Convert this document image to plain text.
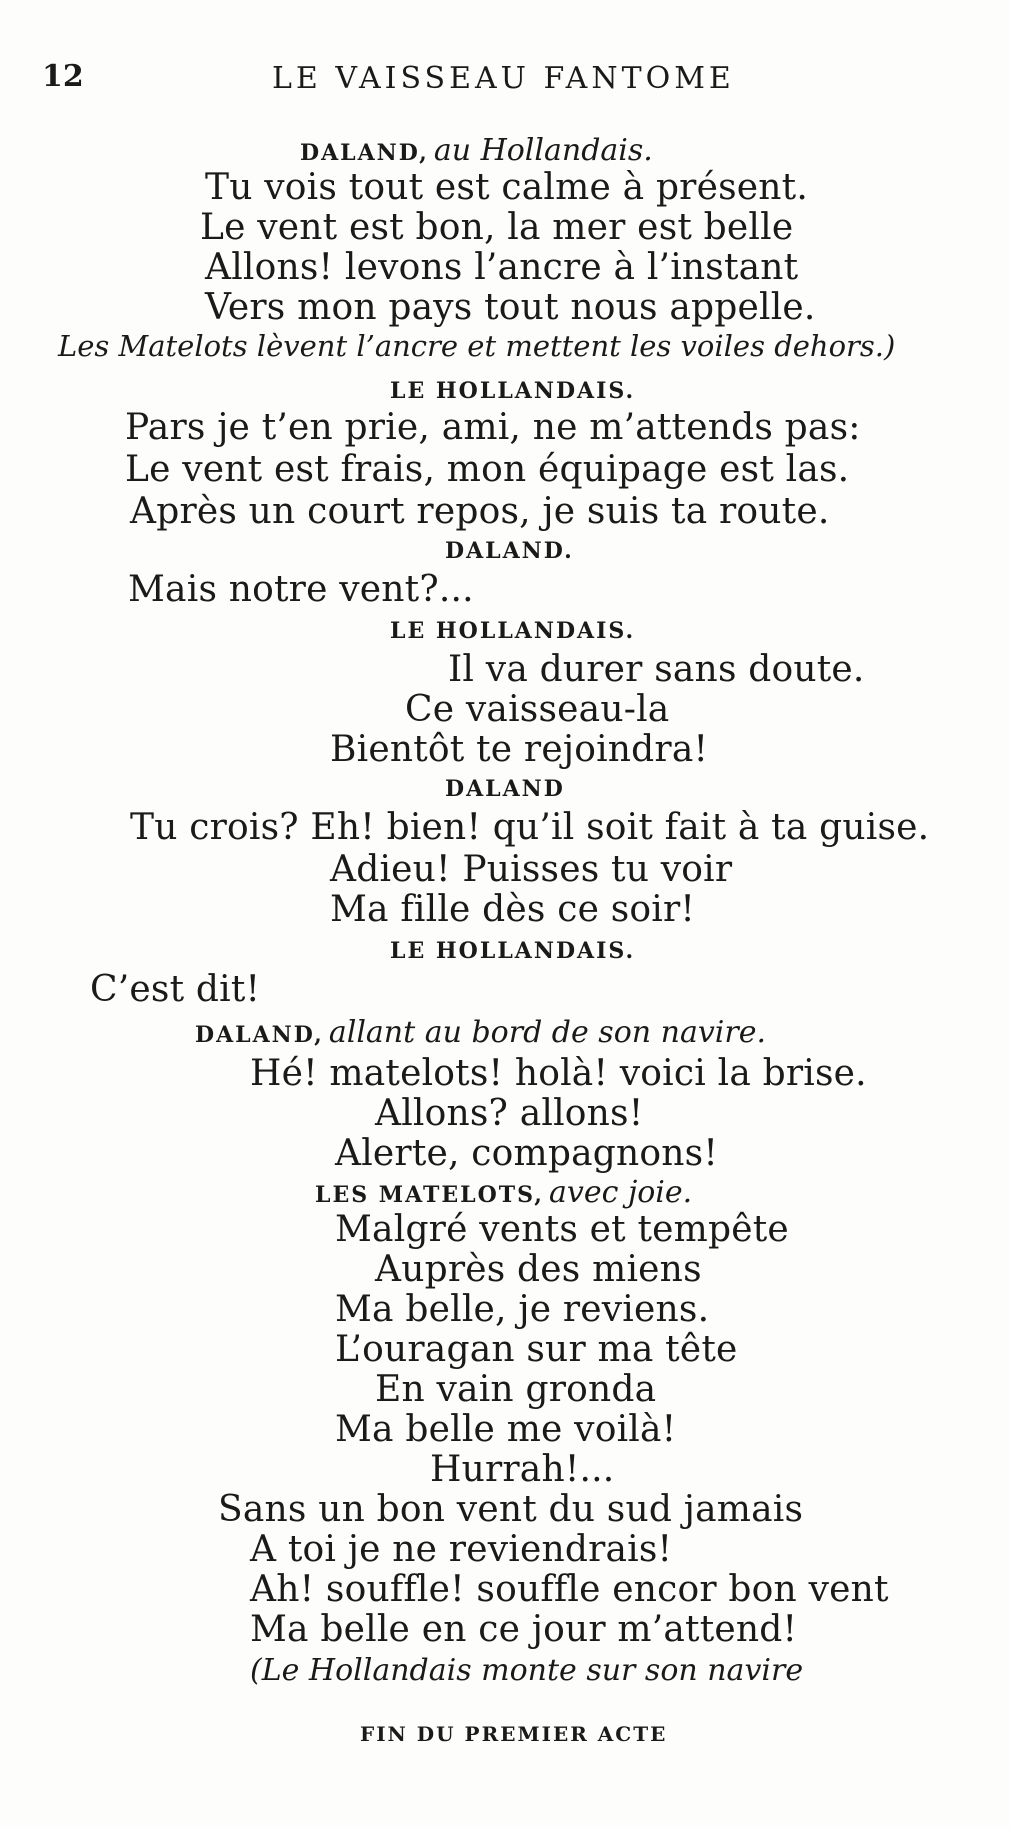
12	LE VAISSEAU FANTOME
DALAND, au Hollandais.
Tu vois tout est calme à présent.
Le vent est bon, la mer est belle
Allons! levons l’ancre à l’instant
Vers mon pays tout nous appelle.
Les Matelots lèvent l’ancre et mettent les voiles dehors.)
LE HOLLANDAIS.
Pars je t’en prie, ami, ne m’attends pas:
Le vent est frais, mon équipage est las.
Après un court repos, je suis ta route.
DALAND.
Mais notre vent?...
LE HOLLANDAIS.
Il va durer sans doute.
Ce vaisseau-la
Bientôt te rejoindra!
DALAND
Tu crois? Eh! bien! qu’il soit fait à ta guise.
Adieu! Puisses tu voir
Ma fille dès ce soir!
LE HOLLANDAIS.
C’est dit!
DALAND, allant au bord de son navire.
Hé! matelots! holà! voici la brise.
Allons? allons!
Alerte, compagnons!
LES MATELOTS, avec joie.
Malgré vents et tempête
Auprès des miens
Ma belle, je reviens.
L’ouragan sur ma tête
En vain gronda
Ma belle me voilà!
Hurrah!...
Sans un bon vent du sud jamais
A toi je ne reviendrais!
Ah! souffle! souffle encor bon vent
Ma belle en ce jour m’attend!
(Le Hollandais monte sur son navire
FIN DU PREMIER ACTE
